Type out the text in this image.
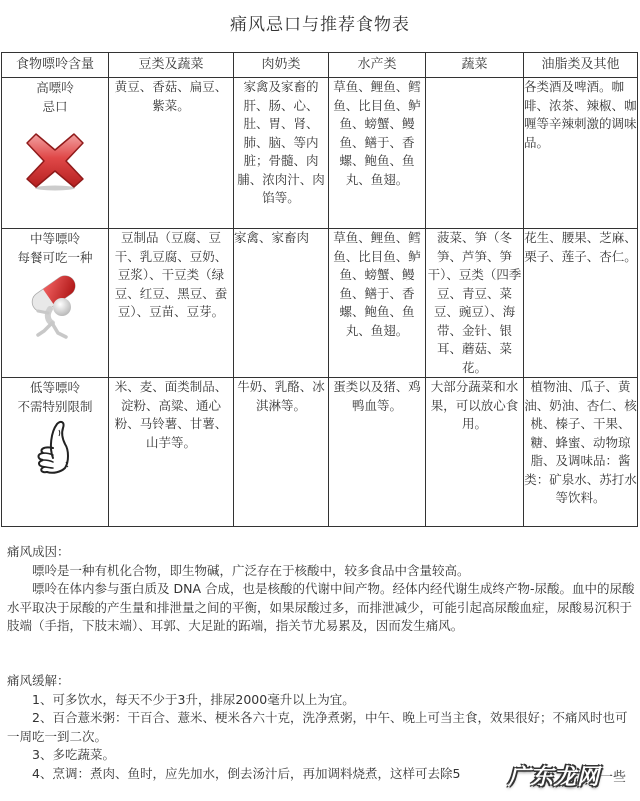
痛风忌口与推荐食物表
食物嘌呤含量	豆类及蔬菜	肉奶类	水产类	蔬菜	油脂类及其他

高嘌呤
忌口	黄豆、香菇、扁豆、紫菜。	家禽及家畜的肝、肠、心、肚、胃、肾、肺、脑、等内脏；骨髓、肉脯、浓肉汁、肉馅等。	草鱼、鲤鱼、鳕鱼、比目鱼、鲈鱼、螃蟹、鳗鱼、鳝于、香螺、鲍鱼、鱼丸、鱼翅。		各类酒及啤酒。咖啡、浓茶、辣椒、咖喱等辛辣刺激的调味品。

中等嘌呤
每餐可吃一种	豆制品（豆腐、豆干、乳豆腐、豆奶、豆浆）、干豆类（绿豆、红豆、黑豆、蚕豆）、豆苗、豆芽。	家禽、家畜肉	草鱼、鲤鱼、鳕鱼、比目鱼、鲈鱼、螃蟹、鳗鱼、鳝于、香螺、鲍鱼、鱼丸、鱼翅。	菠菜、笋（冬笋、芦笋、笋干）、豆类（四季豆、青豆、菜豆、豌豆）、海带、金针、银耳、蘑菇、菜花。	花生、腰果、芝麻、栗子、莲子、杏仁。

低等嘌呤
不需特别限制	米、麦、面类制品、淀粉、高粱、通心粉、马铃薯、甘薯、山芋等。	牛奶、乳酪、冰淇淋等。	蛋类以及猪、鸡鸭血等。	大部分蔬菜和水果，可以放心食用。	植物油、瓜子、黄油、奶油、杏仁、核桃、榛子、干果、糖、蜂蜜、动物琼脂、及调味品：酱类：矿泉水、苏打水等饮料。
痛风成因：
嘌呤是一种有机化合物，即生物碱，广泛存在于核酸中，较多食品中含量较高。
嘌呤在体内参与蛋白质及 DNA 合成，也是核酸的代谢中间产物。经体内经代谢生成终产物-尿酸。血中的尿酸水平取决于尿酸的产生量和排泄量之间的平衡，如果尿酸过多，而排泄减少，可能引起高尿酸血症，尿酸易沉积于肢端（手指，下肢末端）、耳郭、大足趾的跖端，指关节尤易累及，因而发生痛风。
痛风缓解：
1、可多饮水，每天不少于3升，排尿2000毫升以上为宜。
2、百合薏米粥：干百合、薏米、梗米各六十克，洗净煮粥，中午、晚上可当主食，效果很好；不痛风时也可一周吃一到二次。
3、多吃蔬菜。
4、烹调：煮肉、鱼时，应先加水，倒去汤汁后，再加调料烧煮，这样可去除5	广东龙网 一些
